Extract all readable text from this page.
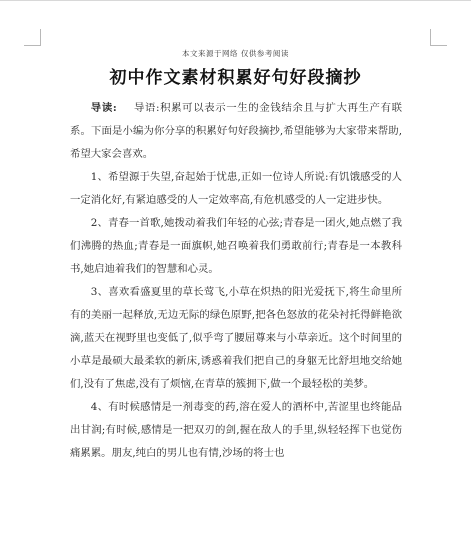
本文来源于网络 仅供参考阅读
初中作文素材积累好句好段摘抄

导读: 导语:积累可以表示一生的金钱结余且与扩大再生产有联系。下面是小编为你分享的积累好句好段摘抄,希望能够为大家带来帮助,希望大家会喜欢。

1、希望源于失望,奋起始于忧患,正如一位诗人所说:有饥饿感受的人一定消化好,有紧迫感受的人一定效率高,有危机感受的人一定进步快。

2、青春一首歌,她拨动着我们年轻的心弦;青春是一团火,她点燃了我们沸腾的热血;青春是一面旗帜,她召唤着我们勇敢前行;青春是一本教科书,她启迪着我们的智慧和心灵。

3、喜欢看盛夏里的草长莺飞,小草在炽热的阳光爱抚下,将生命里所有的美丽一起释放,无边无际的绿色原野,把各色怒放的花朵衬托得鲜艳欲滴,蓝天在视野里也变低了,似乎弯了腰屈尊来与小草亲近。这个时间里的小草是最硕大最柔软的新床,诱惑着我们把自己的身躯无比舒坦地交给她们,没有了焦虑,没有了烦恼,在青草的簇拥下,做一个最轻松的美梦。

4、有时候感情是一剂毒变的药,溶在爱人的酒杯中,苦涩里也终能品出甘润;有时候,感情是一把双刃的剑,握在敌人的手里,纵轻轻挥下也觉伤痛累累。朋友,纯白的男儿也有情,沙场的将士也
